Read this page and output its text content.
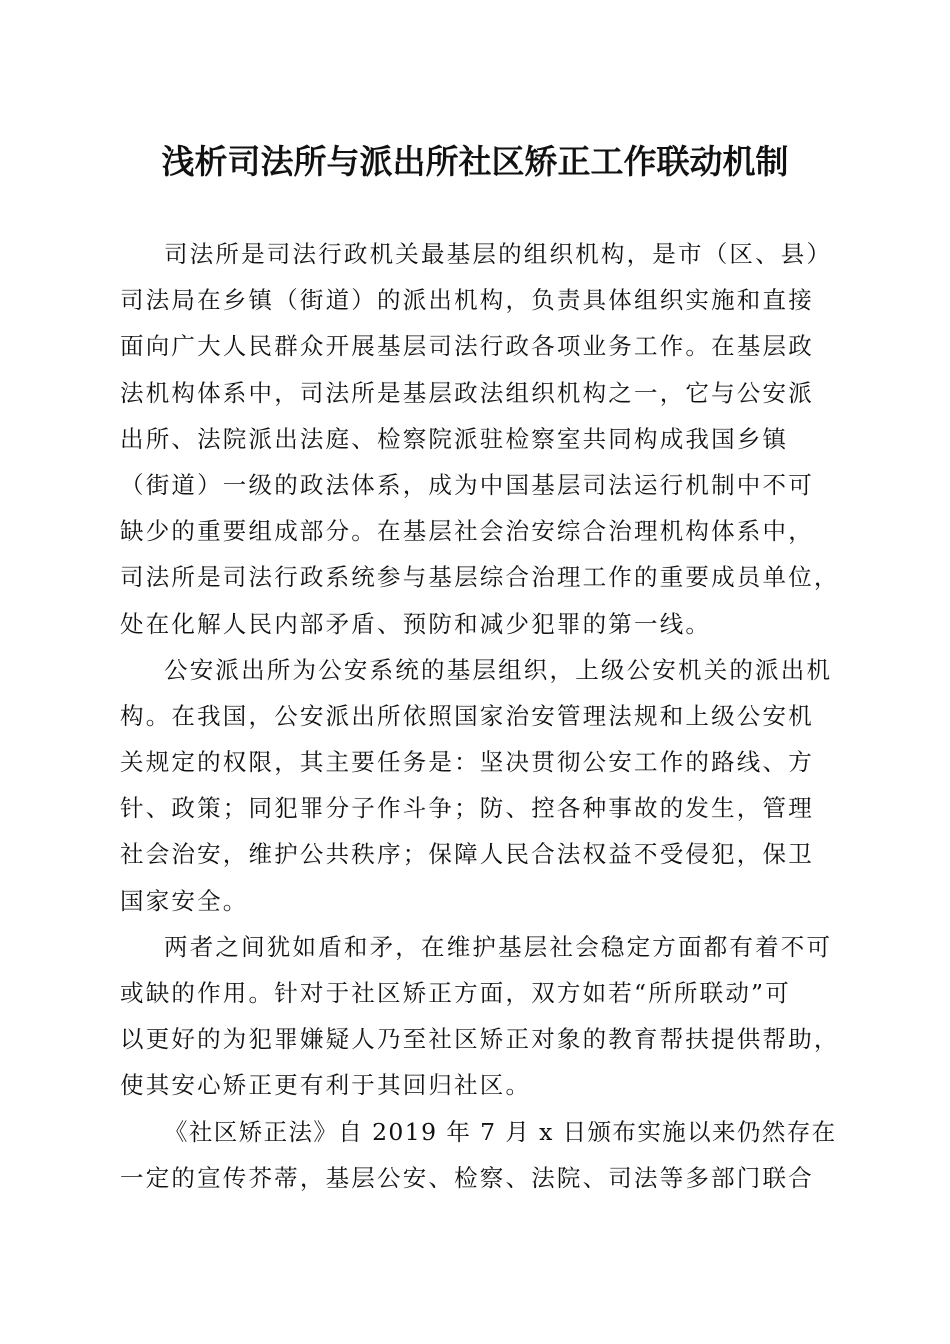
浅析司法所与派出所社区矫正工作联动机制
司法所是司法行政机关最基层的组织机构，是市（区、县）
司法局在乡镇（街道）的派出机构，负责具体组织实施和直接
面向广大人民群众开展基层司法行政各项业务工作。在基层政
法机构体系中，司法所是基层政法组织机构之一，它与公安派
出所、法院派出法庭、检察院派驻检察室共同构成我国乡镇
（街道）一级的政法体系，成为中国基层司法运行机制中不可
缺少的重要组成部分。在基层社会治安综合治理机构体系中，
司法所是司法行政系统参与基层综合治理工作的重要成员单位，
处在化解人民内部矛盾、预防和减少犯罪的第一线。
公安派出所为公安系统的基层组织，上级公安机关的派出机
构。在我国，公安派出所依照国家治安管理法规和上级公安机
关规定的权限，其主要任务是：坚决贯彻公安工作的路线、方
针、政策；同犯罪分子作斗争；防、控各种事故的发生，管理
社会治安，维护公共秩序；保障人民合法权益不受侵犯，保卫
国家安全。
两者之间犹如盾和矛，在维护基层社会稳定方面都有着不可
或缺的作用。针对于社区矫正方面，双方如若“所所联动”可
以更好的为犯罪嫌疑人乃至社区矫正对象的教育帮扶提供帮助，
使其安心矫正更有利于其回归社区。
《社区矫正法》自 2019 年 7 月 x 日颁布实施以来仍然存在
一定的宣传芥蒂，基层公安、检察、法院、司法等多部门联合
